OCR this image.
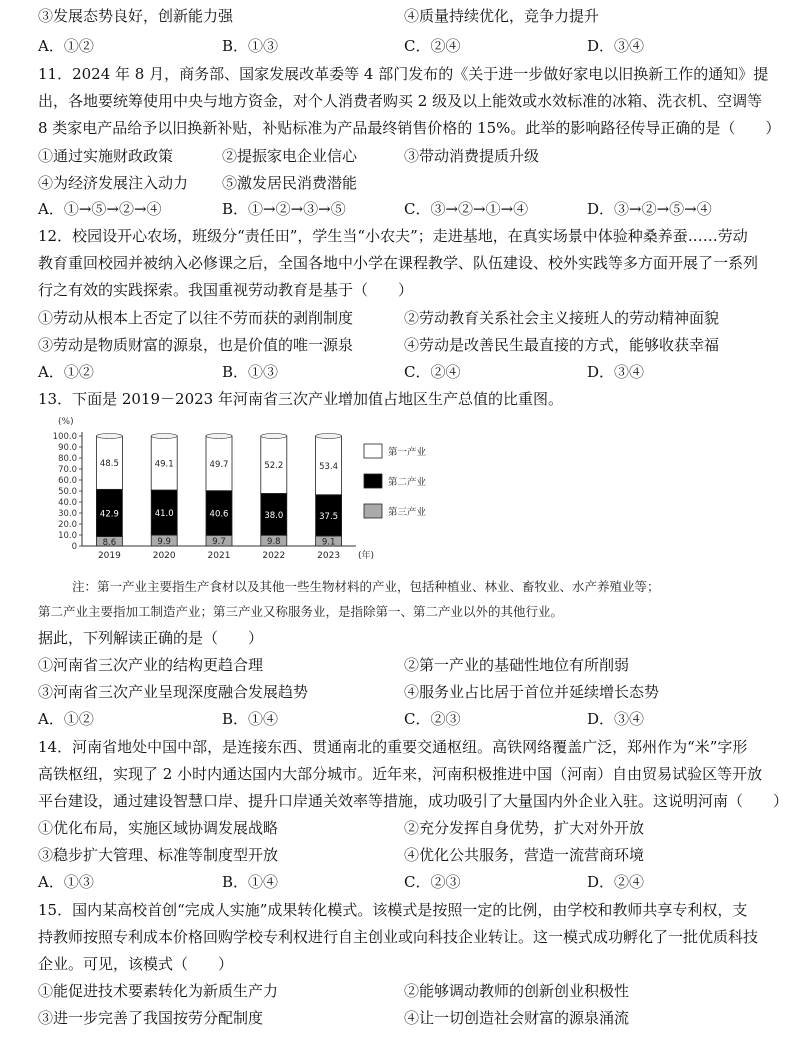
③发展态势良好，创新能力强	④质量持续优化，竞争力提升
A．①②	B．①③	C．②④	D．③④
11．2024 年 8 月，商务部、国家发展改革委等 4 部门发布的《关于进一步做好家电以旧换新工作的通知》提
出，各地要统筹使用中央与地方资金，对个人消费者购买 2 级及以上能效或水效标准的冰箱、洗衣机、空调等
8 类家电产品给予以旧换新补贴，补贴标准为产品最终销售价格的 15%。此举的影响路径传导正确的是（　　）
①通过实施财政政策	②提振家电企业信心	③带动消费提质升级
④为经济发展注入动力 ⑤激发居民消费潜能
A．①→⑤→②→④	B．①→②→③→⑤	C．③→②→①→④	D．③→②→⑤→④
12．校园设开心农场，班级分“责任田”，学生当“小农夫”；走进基地，在真实场景中体验种桑养蚕……劳动
教育重回校园并被纳入必修课之后，全国各地中小学在课程教学、队伍建设、校外实践等多方面开展了一系列
行之有效的实践探索。我国重视劳动教育是基于（　　）
①劳动从根本上否定了以往不劳而获的剥削制度	②劳动教育关系社会主义接班人的劳动精神面貌
③劳动是物质财富的源泉，也是价值的唯一源泉	④劳动是改善民生最直接的方式，能够收获幸福
A．①②	B．①③	C．②④	D．③④
13．下面是 2019－2023 年河南省三次产业增加值占地区生产总值的比重图。
(%)
0
10.0
20.0
30.0
40.0
50.0
60.0
70.0
80.0
90.0
100.0
8.6
42.9
48.5
2019
9.9
41.0
49.1
2020
9.7
40.6
49.7
2021
9.8
38.0
52.2
2022
9.1
37.5
53.4
2023 (年)
第一产业
第二产业
第三产业
注：第一产业主要指生产食材以及其他一些生物材料的产业，包括种植业、林业、畜牧业、水产养殖业等；
第二产业主要指加工制造产业；第三产业又称服务业，是指除第一、第二产业以外的其他行业。
据此，下列解读正确的是（　　）
①河南省三次产业的结构更趋合理	②第一产业的基础性地位有所削弱
③河南省三次产业呈现深度融合发展趋势	④服务业占比居于首位并延续增长态势
A．①②	B．①④	C．②③	D．③④
14．河南省地处中国中部，是连接东西、贯通南北的重要交通枢纽。高铁网络覆盖广泛，郑州作为“米”字形
高铁枢纽，实现了 2 小时内通达国内大部分城市。近年来，河南积极推进中国（河南）自由贸易试验区等开放
平台建设，通过建设智慧口岸、提升口岸通关效率等措施，成功吸引了大量国内外企业入驻。这说明河南（　　）
①优化布局，实施区域协调发展战略	②充分发挥自身优势，扩大对外开放
③稳步扩大管理、标准等制度型开放	④优化公共服务，营造一流营商环境
A．①③	B．①④	C．②③	D．②④
15．国内某高校首创“完成人实施”成果转化模式。该模式是按照一定的比例，由学校和教师共享专利权，支
持教师按照专利成本价格回购学校专利权进行自主创业或向科技企业转让。这一模式成功孵化了一批优质科技
企业。可见，该模式（　　）
①能促进技术要素转化为新质生产力	②能够调动教师的创新创业积极性
③进一步完善了我国按劳分配制度	④让一切创造社会财富的源泉涌流
